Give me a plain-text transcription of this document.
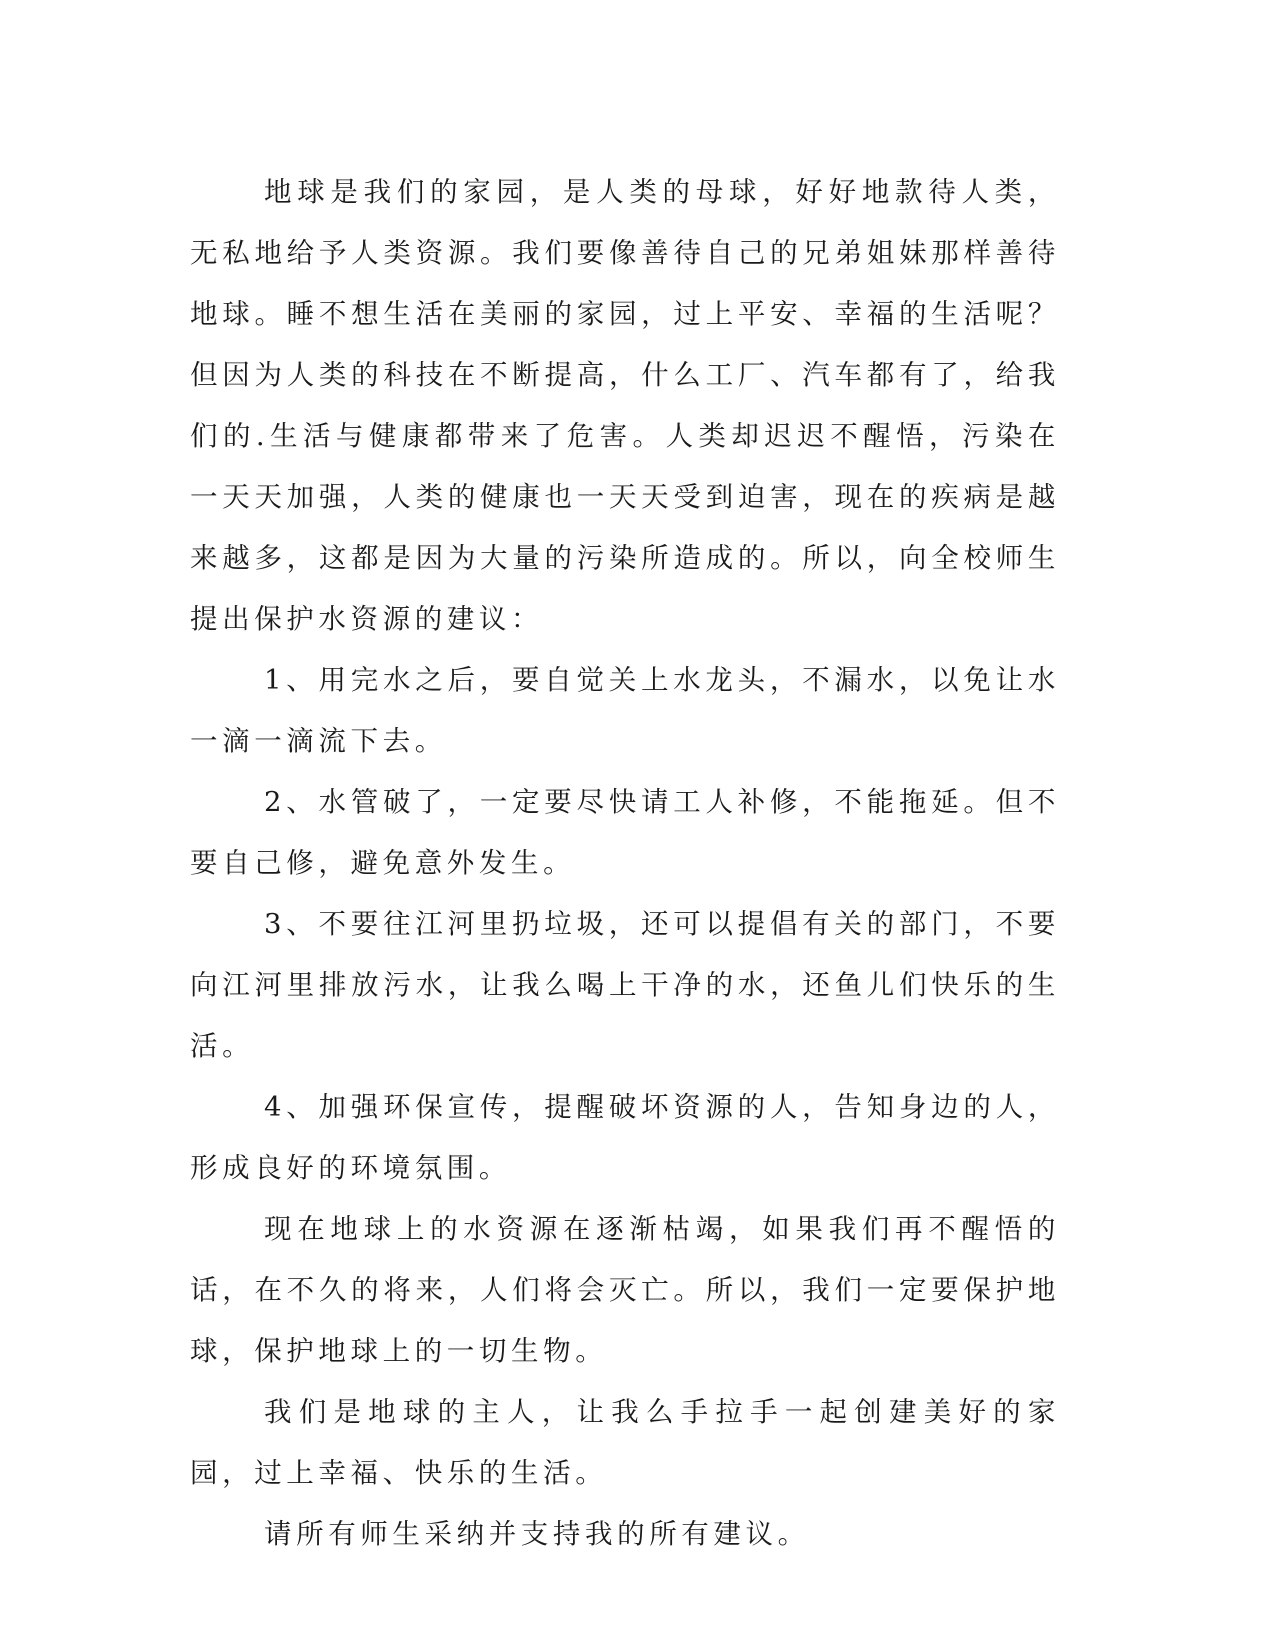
地球是我们的家园，是人类的母球，好好地款待人类，无私地给予人类资源。我们要像善待自己的兄弟姐妹那样善待地球。睡不想生活在美丽的家园，过上平安、幸福的生活呢？但因为人类的科技在不断提高，什么工厂、汽车都有了，给我们的.生活与健康都带来了危害。人类却迟迟不醒悟，污染在一天天加强，人类的健康也一天天受到迫害，现在的疾病是越来越多，这都是因为大量的污染所造成的。所以，向全校师生提出保护水资源的建议：

1、用完水之后，要自觉关上水龙头，不漏水，以免让水一滴一滴流下去。

2、水管破了，一定要尽快请工人补修，不能拖延。但不要自己修，避免意外发生。

3、不要往江河里扔垃圾，还可以提倡有关的部门，不要向江河里排放污水，让我么喝上干净的水，还鱼儿们快乐的生活。

4、加强环保宣传，提醒破坏资源的人，告知身边的人，形成良好的环境氛围。

现在地球上的水资源在逐渐枯竭，如果我们再不醒悟的话，在不久的将来，人们将会灭亡。所以，我们一定要保护地球，保护地球上的一切生物。

我们是地球的主人，让我么手拉手一起创建美好的家园，过上幸福、快乐的生活。

请所有师生采纳并支持我的所有建议。
